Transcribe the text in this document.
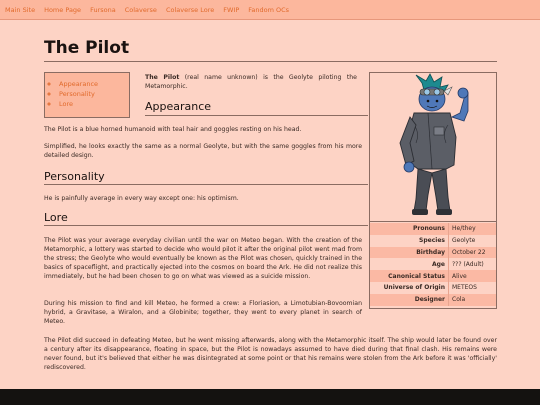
Main Site Home Page Fursona Colaverse Colaverse Lore FWIP Fandom OCs
The Pilot
◦ Appearance
◦ Personality
◦ Lore
The Pilot (real name unknown) is the Geolyte piloting the Metamorphic.
Appearance

The Pilot is a blue horned humanoid with teal hair and goggles resting on his head.

Simplified, he looks exactly the same as a normal Geolyte, but with the same goggles from his more detailed design.

Personality

He is painfully average in every way except one: his optimism.

Lore

The Pilot was your average everyday civilian until the war on Meteo began. With the creation of the Metamorphic, a lottery was started to decide who would pilot it after the original pilot went mad from the stress; the Geolyte who would eventually be known as the Pilot was chosen, quickly trained in the basics of spaceflight, and practically ejected into the cosmos on board the Ark. He did not realize this immediately, but he had been chosen to go on what was viewed as a suicide mission.

During his mission to find and kill Meteo, he formed a crew: a Floriasion, a Limotubian-Bovoomian hybrid, a Gravitase, a Wiralon, and a Globinite; together, they went to every planet in search of Meteo.

The Pilot did succeed in defeating Meteo, but he went missing afterwards, along with the Metamorphic itself. The ship would later be found over a century after its disappearance, floating in space, but the Pilot is nowadays assumed to have died during that final clash. His remains were never found, but it's believed that either he was disintegrated at some point or that his remains were stolen from the Ark before it was 'officially' rediscovered.

Pronouns	He/they
Species	Geolyte
Birthday	October 22
Age	??? (Adult)
Canonical Status	Alive
Universe of Origin	METEOS
Designer	Cola
